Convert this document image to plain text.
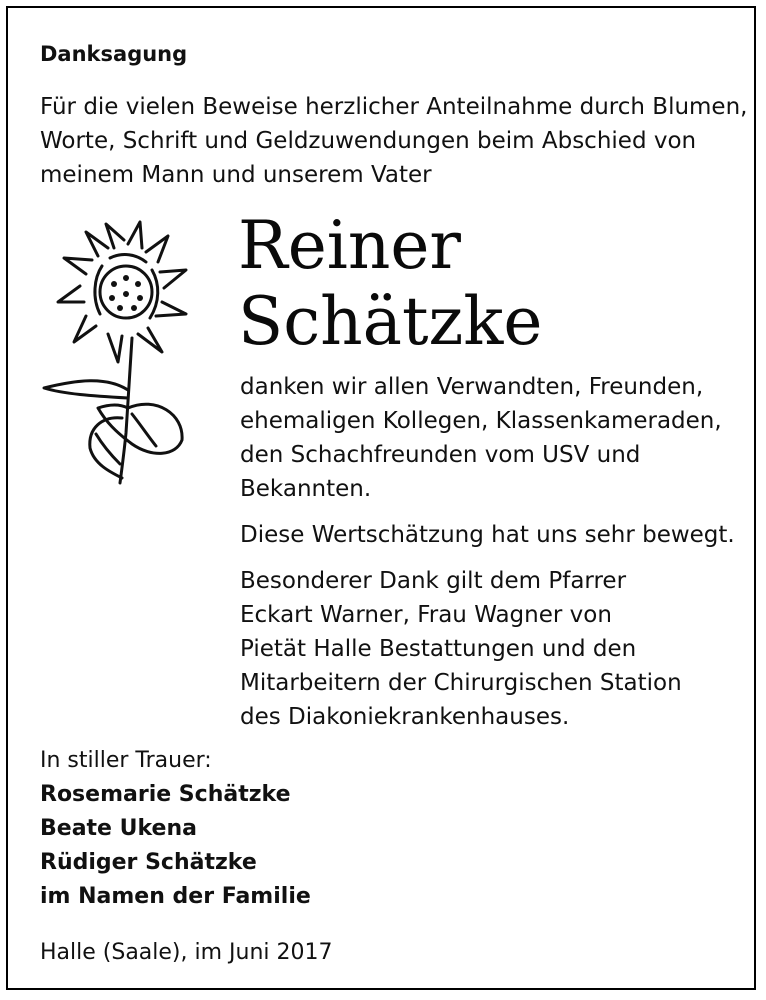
Danksagung

Für die vielen Beweise herzlicher Anteilnahme durch Blumen,
Worte, Schrift und Geldzuwendungen beim Abschied von
meinem Mann und unserem Vater

Reiner
Schätzke

danken wir allen Verwandten, Freunden,
ehemaligen Kollegen, Klassenkameraden,
den Schachfreunden vom USV und
Bekannten.

Diese Wertschätzung hat uns sehr bewegt.

Besonderer Dank gilt dem Pfarrer
Eckart Warner, Frau Wagner von
Pietät Halle Bestattungen und den
Mitarbeitern der Chirurgischen Station
des Diakoniekrankenhauses.

In stiller Trauer:
Rosemarie Schätzke
Beate Ukena
Rüdiger Schätzke
im Namen der Familie

Halle (Saale), im Juni 2017
